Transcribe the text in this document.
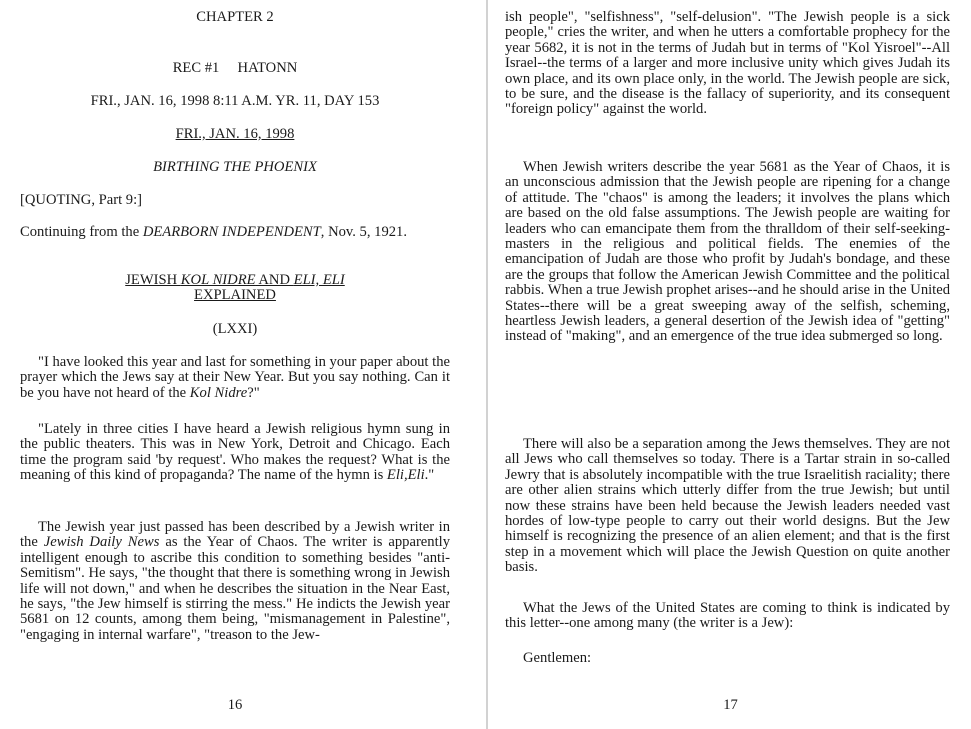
CHAPTER 2
REC #1     HATONN
FRI., JAN. 16, 1998 8:11 A.M. YR. 11, DAY 153
FRI., JAN. 16, 1998
BIRTHING THE PHOENIX
[QUOTING, Part 9:]
Continuing from the DEARBORN INDEPENDENT, Nov. 5, 1921.
JEWISH KOL NIDRE AND ELI, ELI
EXPLAINED
(LXXI)

"I have looked this year and last for something in your paper about the prayer which the Jews say at their New Year. But you say nothing. Can it be you have not heard of the Kol Nidre?"

"Lately in three cities I have heard a Jewish religious hymn sung in the public theaters. This was in New York, Detroit and Chicago. Each time the program said 'by request'. Who makes the request? What is the meaning of this kind of propaganda? The name of the hymn is Eli,Eli."

The Jewish year just passed has been described by a Jewish writer in the Jewish Daily News as the Year of Chaos. The writer is apparently intelligent enough to ascribe this condition to something besides "anti-Semitism". He says, "the thought that there is something wrong in Jewish life will not down," and when he describes the situation in the Near East, he says, "the Jew himself is stirring the mess." He indicts the Jewish year 5681 on 12 counts, among them being, "mismanagement in Palestine", "engaging in internal warfare", "treason to the Jew-

16

ish people", "selfishness", "self-delusion". "The Jewish people is a sick people," cries the writer, and when he utters a comfortable prophecy for the year 5682, it is not in the terms of Judah but in terms of "Kol Yisroel"--All Israel--the terms of a larger and more inclusive unity which gives Judah its own place, and its own place only, in the world. The Jewish people are sick, to be sure, and the disease is the fallacy of superiority, and its consequent "foreign policy" against the world.

When Jewish writers describe the year 5681 as the Year of Chaos, it is an unconscious admission that the Jewish people are ripening for a change of attitude. The "chaos" is among the leaders; it involves the plans which are based on the old false assumptions. The Jewish people are waiting for leaders who can emancipate them from the thralldom of their self-seeking-masters in the religious and political fields. The enemies of the emancipation of Judah are those who profit by Judah's bondage, and these are the groups that follow the American Jewish Committee and the political rabbis. When a true Jewish prophet arises--and he should arise in the United States--there will be a great sweeping away of the selfish, scheming, heartless Jewish leaders, a general desertion of the Jewish idea of "getting" instead of "making", and an emergence of the true idea submerged so long.

There will also be a separation among the Jews themselves. They are not all Jews who call themselves so today. There is a Tartar strain in so-called Jewry that is absolutely incompatible with the true Israelitish raciality; there are other alien strains which utterly differ from the true Jewish; but until now these strains have been held because the Jewish leaders needed vast hordes of low-type people to carry out their world designs. But the Jew himself is recognizing the presence of an alien element; and that is the first step in a movement which will place the Jewish Question on quite another basis.

What the Jews of the United States are coming to think is indicated by this letter--one among many (the writer is a Jew):

Gentlemen:

17
